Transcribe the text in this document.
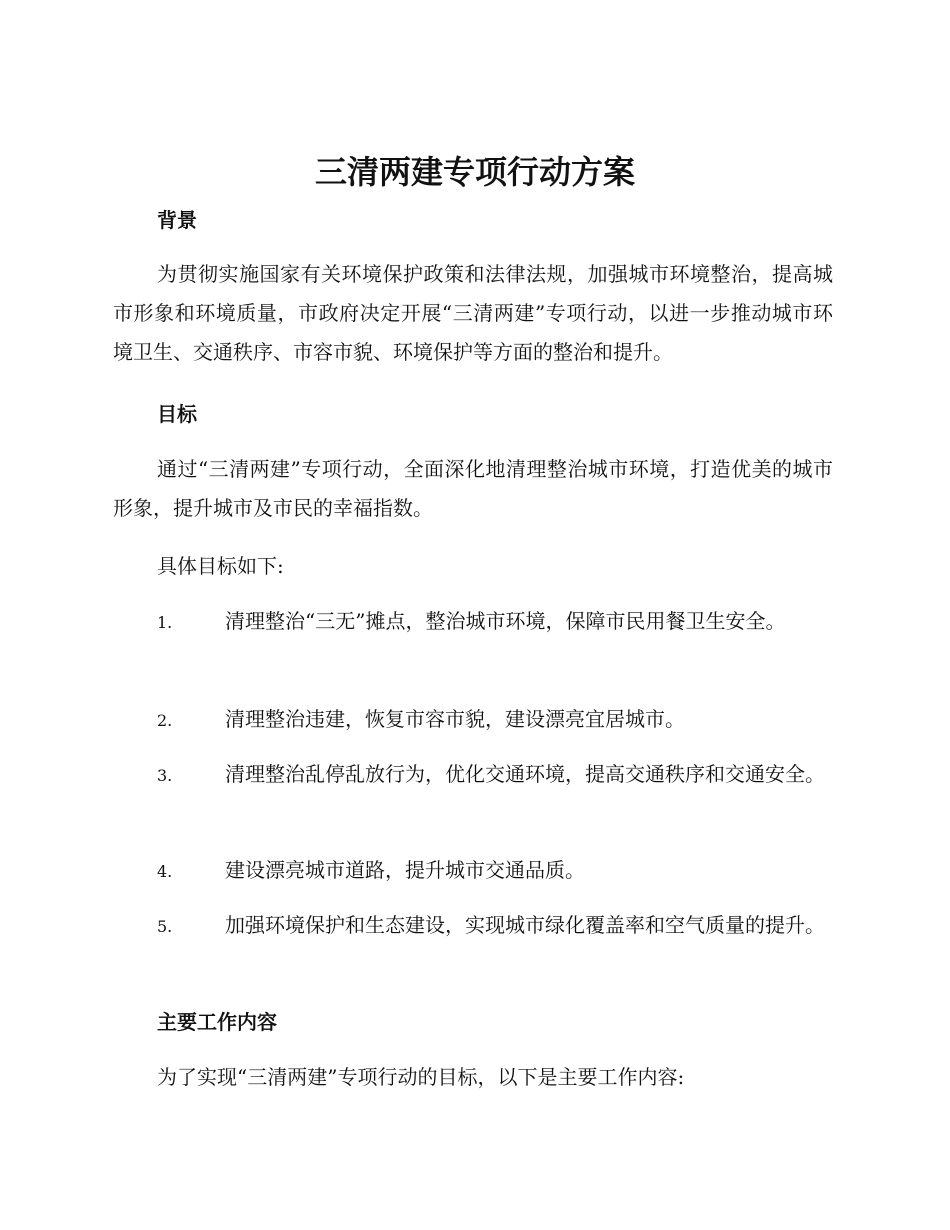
三清两建专项行动方案
背景

为贯彻实施国家有关环境保护政策和法律法规，加强城市环境整治，提高城市形象和环境质量，市政府决定开展“三清两建”专项行动，以进一步推动城市环境卫生、交通秩序、市容市貌、环境保护等方面的整治和提升。

目标

通过“三清两建”专项行动，全面深化地清理整治城市环境，打造优美的城市形象，提升城市及市民的幸福指数。

具体目标如下:

1.	清理整治“三无”摊点，整治城市环境，保障市民用餐卫生安全。

2.	清理整治违建，恢复市容市貌，建设漂亮宜居城市。

3.	清理整治乱停乱放行为，优化交通环境，提高交通秩序和交通安全。

4.	建设漂亮城市道路，提升城市交通品质。

5.	加强环境保护和生态建设，实现城市绿化覆盖率和空气质量的提升。

主要工作内容

为了实现“三清两建”专项行动的目标，以下是主要工作内容:
